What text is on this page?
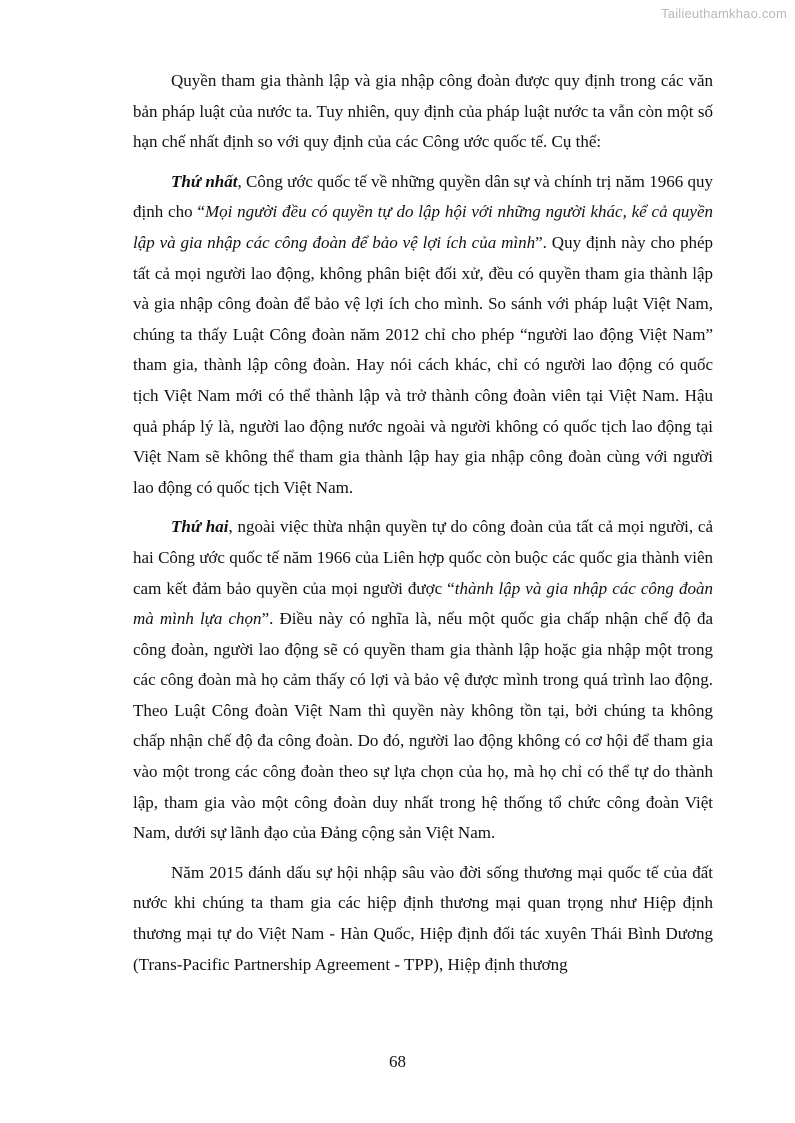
Tailieuthamkhao.com

Quyền tham gia thành lập và gia nhập công đoàn được quy định trong các văn bản pháp luật của nước ta. Tuy nhiên, quy định của pháp luật nước ta vẫn còn một số hạn chế nhất định so với quy định của các Công ước quốc tế. Cụ thể:

Thứ nhất, Công ước quốc tế về những quyền dân sự và chính trị năm 1966 quy định cho “Mọi người đều có quyền tự do lập hội với những người khác, kể cả quyền lập và gia nhập các công đoàn để bảo vệ lợi ích của mình”. Quy định này cho phép tất cả mọi người lao động, không phân biệt đối xử, đều có quyền tham gia thành lập và gia nhập công đoàn để bảo vệ lợi ích cho mình. So sánh với pháp luật Việt Nam, chúng ta thấy Luật Công đoàn năm 2012 chỉ cho phép “người lao động Việt Nam” tham gia, thành lập công đoàn. Hay nói cách khác, chỉ có người lao động có quốc tịch Việt Nam mới có thể thành lập và trở thành công đoàn viên tại Việt Nam. Hậu quả pháp lý là, người lao động nước ngoài và người không có quốc tịch lao động tại Việt Nam sẽ không thể tham gia thành lập hay gia nhập công đoàn cùng với người lao động có quốc tịch Việt Nam.

Thứ hai, ngoài việc thừa nhận quyền tự do công đoàn của tất cả mọi người, cả hai Công ước quốc tế năm 1966 của Liên hợp quốc còn buộc các quốc gia thành viên cam kết đảm bảo quyền của mọi người được “thành lập và gia nhập các công đoàn mà mình lựa chọn”. Điều này có nghĩa là, nếu một quốc gia chấp nhận chế độ đa công đoàn, người lao động sẽ có quyền tham gia thành lập hoặc gia nhập một trong các công đoàn mà họ cảm thấy có lợi và bảo vệ được mình trong quá trình lao động. Theo Luật Công đoàn Việt Nam thì quyền này không tồn tại, bởi chúng ta không chấp nhận chế độ đa công đoàn. Do đó, người lao động không có cơ hội để tham gia vào một trong các công đoàn theo sự lựa chọn của họ, mà họ chỉ có thể tự do thành lập, tham gia vào một công đoàn duy nhất trong hệ thống tổ chức công đoàn Việt Nam, dưới sự lãnh đạo của Đảng cộng sản Việt Nam.

Năm 2015 đánh dấu sự hội nhập sâu vào đời sống thương mại quốc tế của đất nước khi chúng ta tham gia các hiệp định thương mại quan trọng như Hiệp định thương mại tự do Việt Nam - Hàn Quốc, Hiệp định đối tác xuyên Thái Bình Dương (Trans-Pacific Partnership Agreement - TPP), Hiệp định thương

68
